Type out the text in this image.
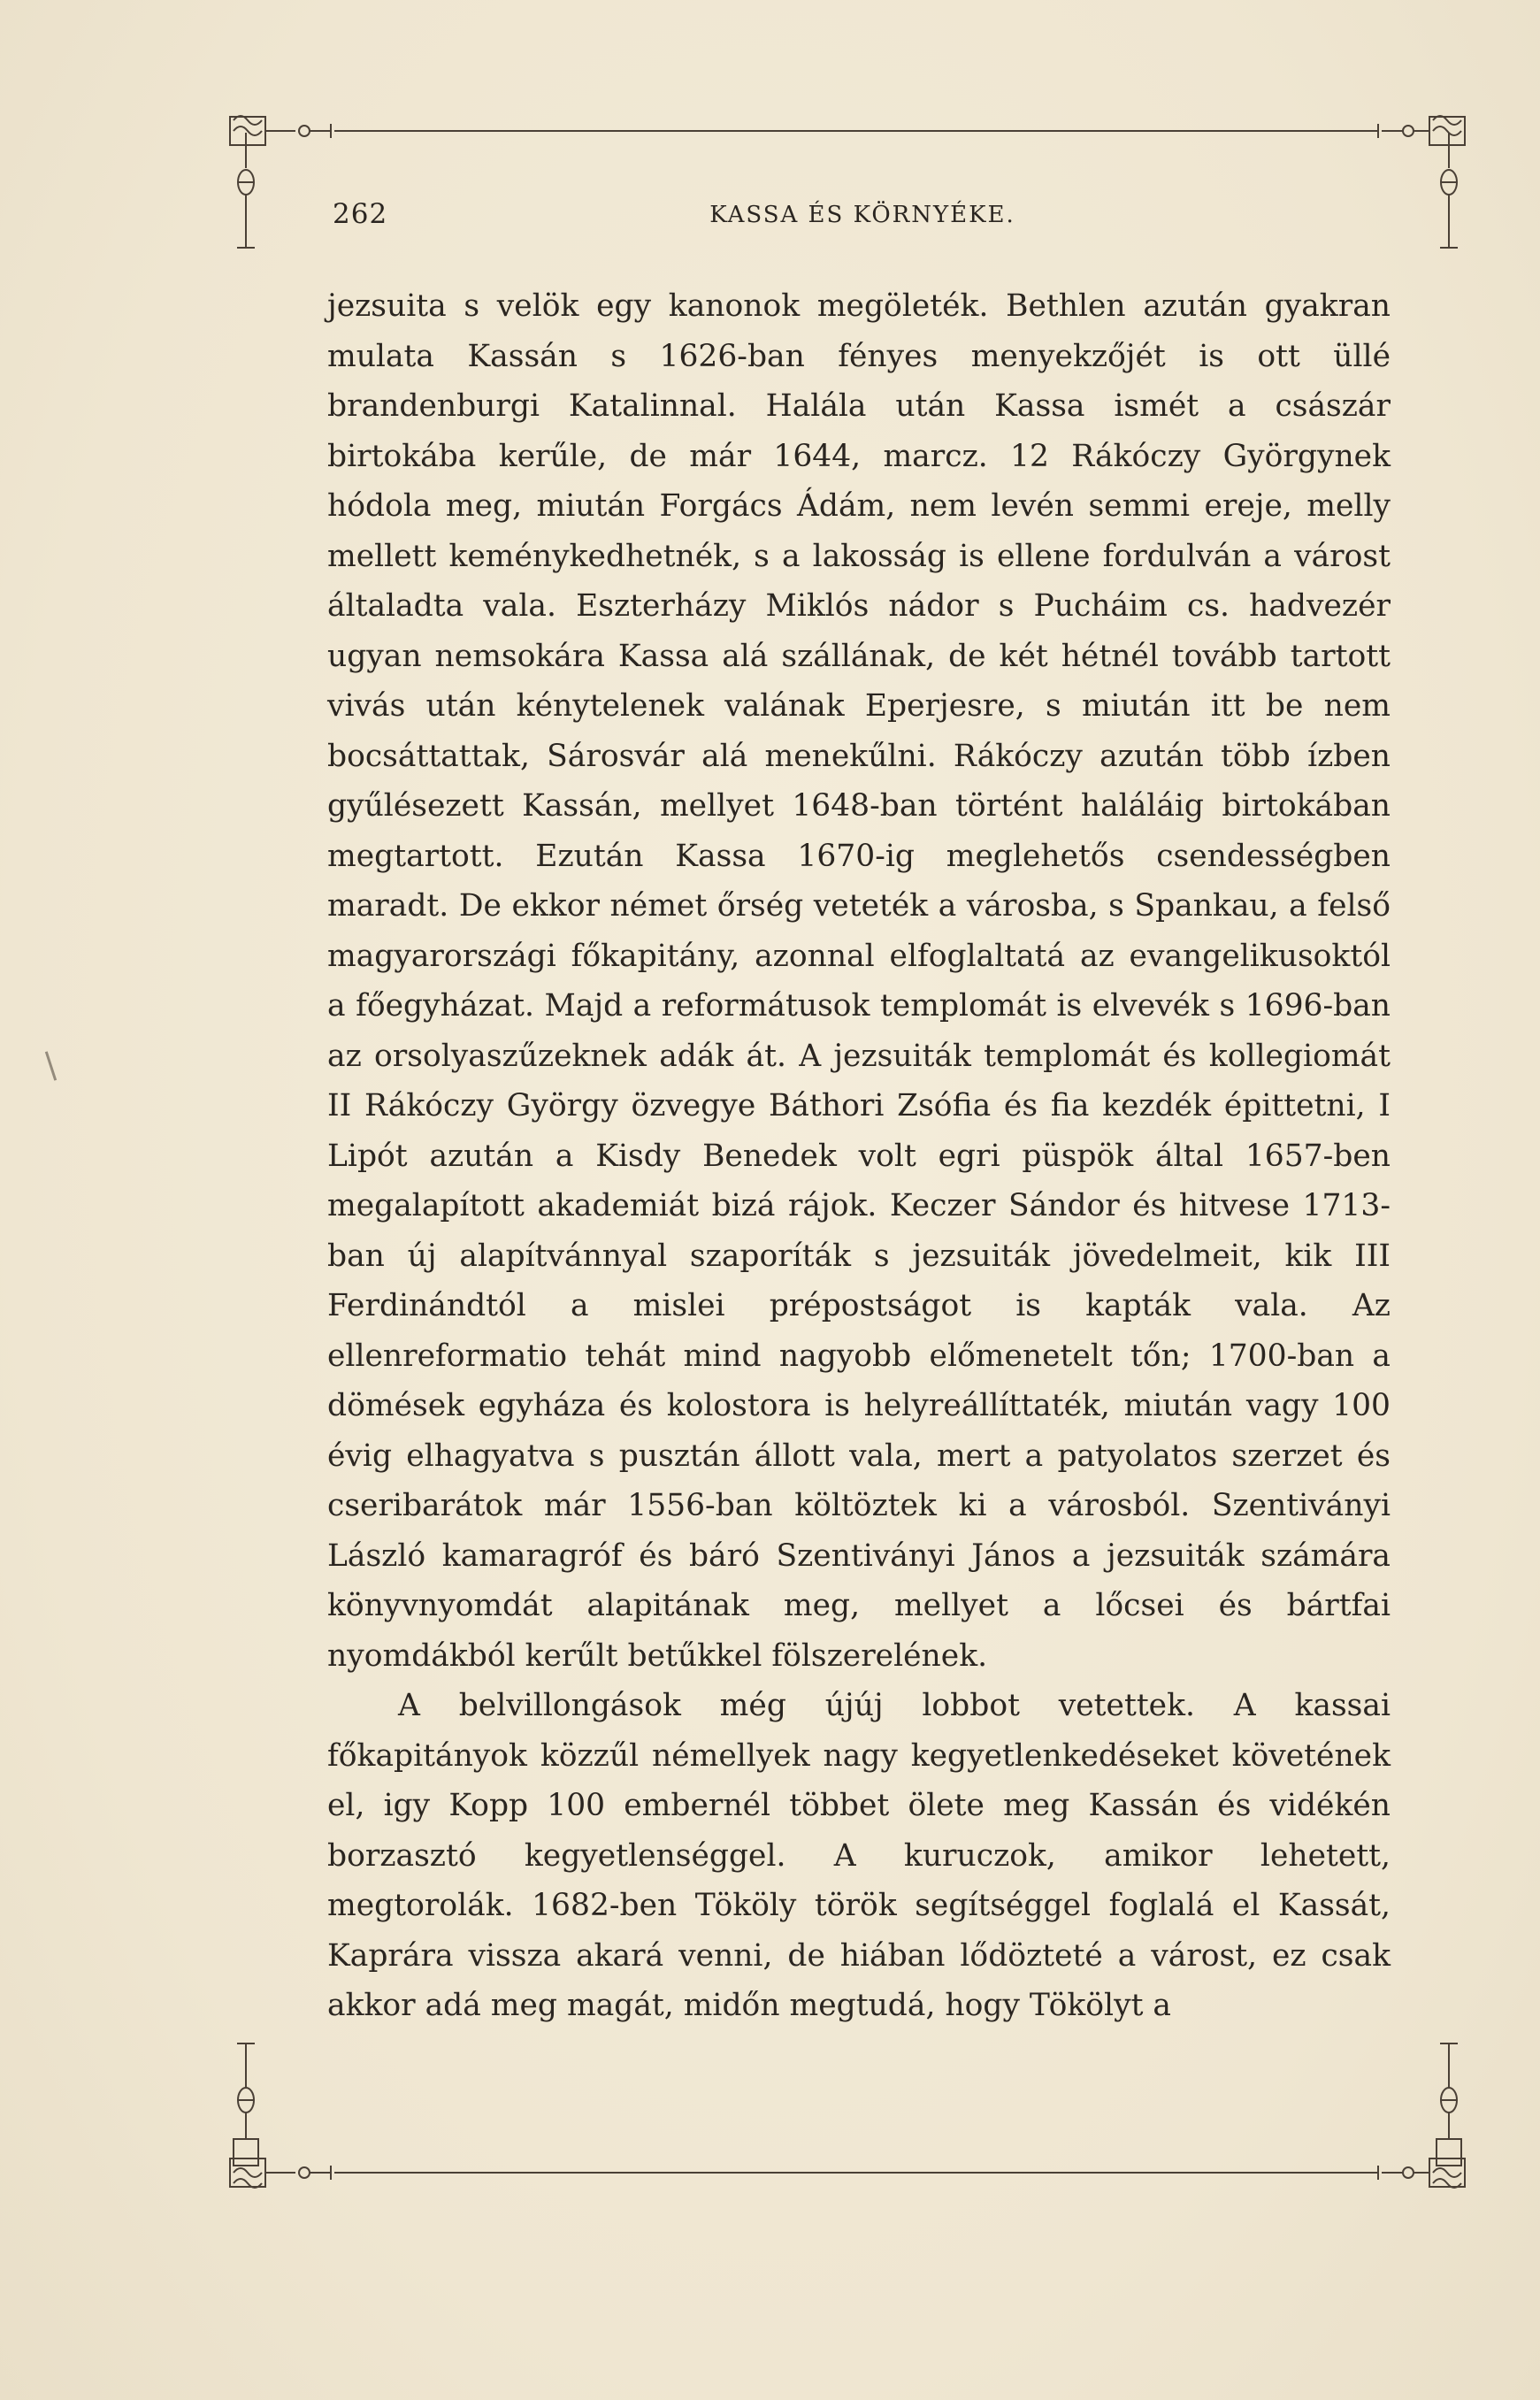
262	KASSA ÉS KÖRNYÉKE.

jezsuita s velök egy kanonok megöleték. Bethlen azután gyakran mulata Kassán s 1626-ban fényes menyekzőjét is ott üllé brandenburgi Katalinnal. Halála után Kassa ismét a császár birtokába kerűle, de már 1644, marcz. 12 Rákóczy Györgynek hódola meg, miután Forgács Ádám, nem levén semmi ereje, melly mellett keménykedhetnék, s a lakosság is ellene fordulván a várost általadta vala. Eszterházy Miklós nádor s Pucháim cs. hadvezér ugyan nemsokára Kassa alá szállának, de két hétnél tovább tartott vivás után kénytelenek valának Eperjesre, s miután itt be nem bocsáttattak, Sárosvár alá menekűlni. Rákóczy azután több ízben gyűlésezett Kassán, mellyet 1648-ban történt haláláig birtokában megtartott. Ezután Kassa 1670-ig meglehetős csendességben maradt. De ekkor német őrség veteték a városba, s Spankau, a felső magyarországi főkapitány, azonnal elfoglaltatá az evangelikusoktól a főegyházat. Majd a reformátusok templomát is elvevék s 1696-ban az orsolyaszűzeknek adák át. A jezsuiták templomát és kollegiomát II Rákóczy György özvegye Báthori Zsófia és fia kezdék épittetni, I Lipót azután a Kisdy Benedek volt egri püspök által 1657-ben megalapított akademiát bizá rájok. Keczer Sándor és hitvese 1713-ban új alapítvánnyal szaporíták s jezsuiták jövedelmeit, kik III Ferdinándtól a mislei prépostságot is kapták vala. Az ellenreformatio tehát mind nagyobb előmenetelt tőn; 1700-ban a dömések egyháza és kolostora is helyreállíttaték, miután vagy 100 évig elhagyatva s pusztán állott vala, mert a patyolatos szerzet és cseribarátok már 1556-ban költöztek ki a városból. Szentiványi László kamaragróf és báró Szentiványi János a jezsuiták számára könyvnyomdát alapitának meg, mellyet a lőcsei és bártfai nyomdákból kerűlt betűkkel fölszerelének.

A belvillongások még újúj lobbot vetettek. A kassai főkapitányok közzűl némellyek nagy kegyetlenkedéseket követének el, igy Kopp 100 embernél többet ölete meg Kassán és vidékén borzasztó kegyetlenséggel. A kuruczok, amikor lehetett, megtorolák. 1682-ben Tököly török segítséggel foglalá el Kassát, Kaprára vissza akará venni, de hiában lődözteté a várost, ez csak akkor adá meg magát, midőn megtudá, hogy Tökölyt a
